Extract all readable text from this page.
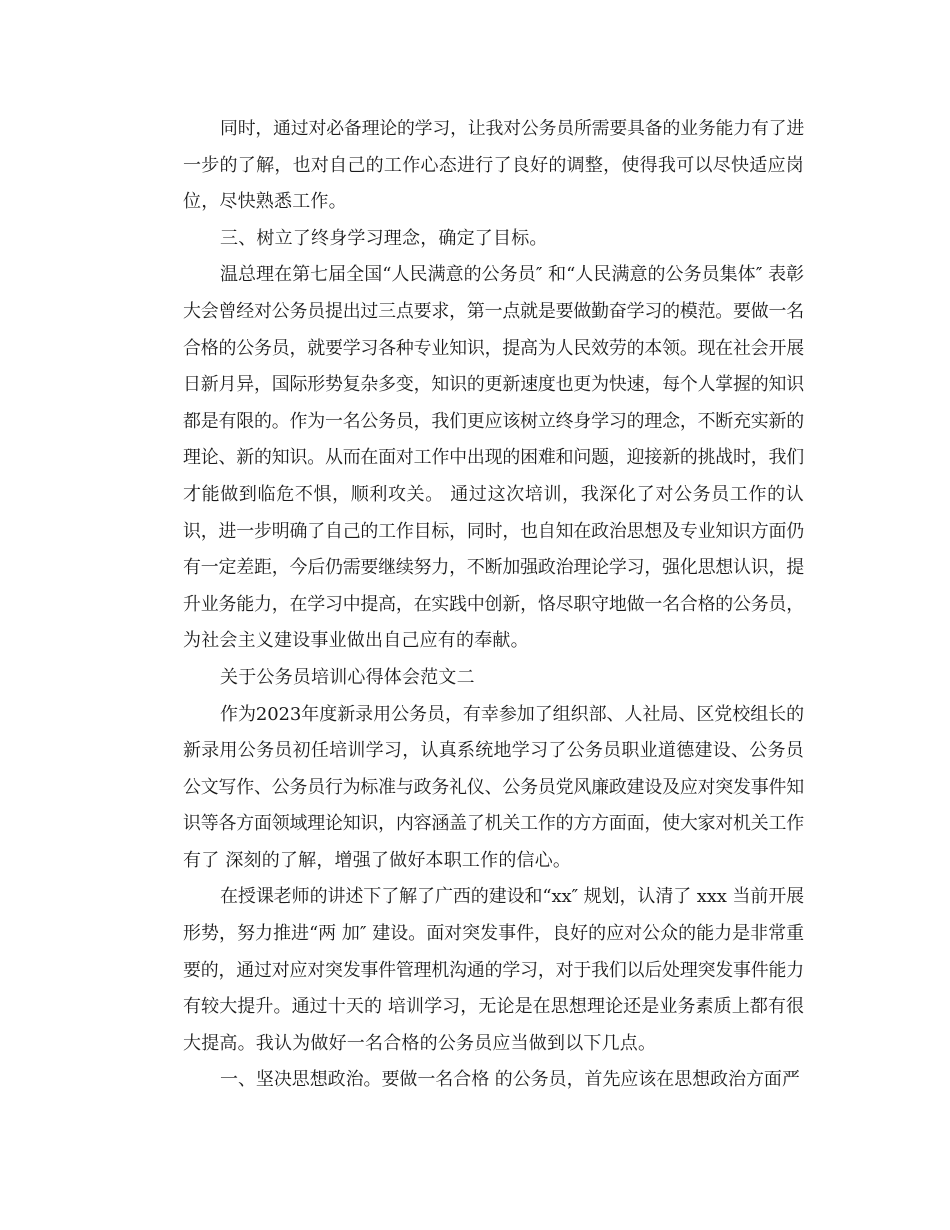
同时，通过对必备理论的学习，让我对公务员所需要具备的业务能力有了进
一步的了解，也对自己的工作心态进行了良好的调整，使得我可以尽快适应岗
位，尽快熟悉工作。

三、树立了终身学习理念，确定了目标。

温总理在第七届全国“人民满意的公务员″ 和“人民满意的公务员集体″ 表彰
大会曾经对公务员提出过三点要求，第一点就是要做勤奋学习的模范。要做一名
合格的公务员，就要学习各种专业知识，提高为人民效劳的本领。现在社会开展
日新月异，国际形势复杂多变，知识的更新速度也更为快速，每个人掌握的知识
都是有限的。作为一名公务员，我们更应该树立终身学习的理念，不断充实新的
理论、新的知识。从而在面对工作中出现的困难和问题，迎接新的挑战时，我们
才能做到临危不惧，顺利攻关。 通过这次培训，我深化了对公务员工作的认
识，进一步明确了自己的工作目标，同时，也自知在政治思想及专业知识方面仍
有一定差距，今后仍需要继续努力，不断加强政治理论学习，强化思想认识，提
升业务能力，在学习中提高，在实践中创新，恪尽职守地做一名合格的公务员，
为社会主义建设事业做出自己应有的奉献。

关于公务员培训心得体会范文二

作为2023年度新录用公务员，有幸参加了组织部、人社局、区党校组长的
新录用公务员初任培训学习，认真系统地学习了公务员职业道德建设、公务员
公文写作、公务员行为标准与政务礼仪、公务员党风廉政建设及应对突发事件知
识等各方面领域理论知识，内容涵盖了机关工作的方方面面，使大家对机关工作
有了 深刻的了解，增强了做好本职工作的信心。

在授课老师的讲述下了解了广西的建设和“xx″ 规划，认清了 xxx 当前开展
形势，努力推进“两 加″ 建设。面对突发事件，良好的应对公众的能力是非常重
要的，通过对应对突发事件管理机沟通的学习，对于我们以后处理突发事件能力
有较大提升。通过十天的 培训学习，无论是在思想理论还是业务素质上都有很
大提高。我认为做好一名合格的公务员应当做到以下几点。

一、坚决思想政治。要做一名合格 的公务员，首先应该在思想政治方面严
